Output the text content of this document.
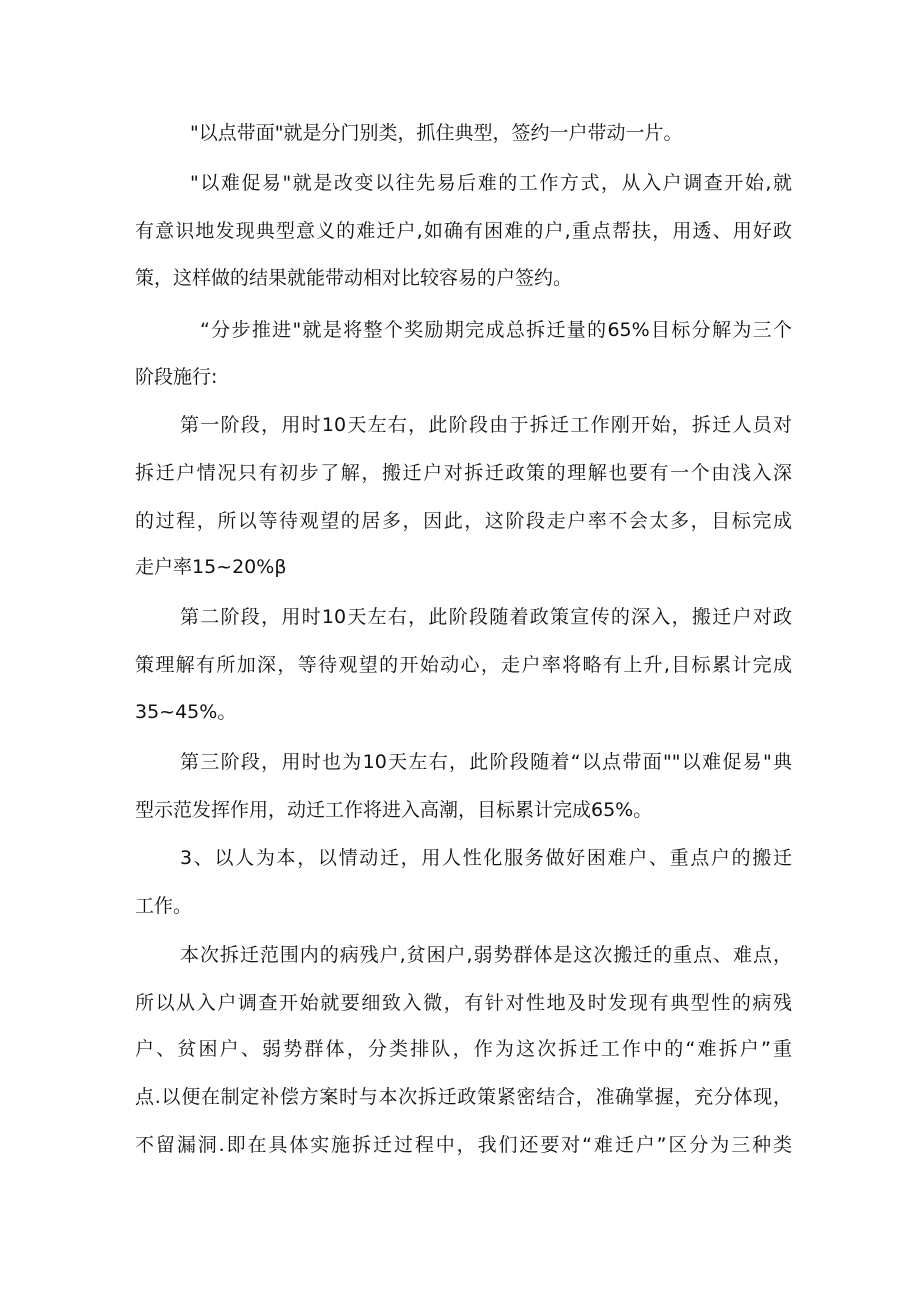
"以点带面"就是分门别类，抓住典型，签约一户带动一片。
"以难促易"就是改变以往先易后难的工作方式，从入户调查开始,就
有意识地发现典型意义的难迁户,如确有困难的户,重点帮扶，用透、用好政
策，这样做的结果就能带动相对比较容易的户签约。
“分步推进"就是将整个奖励期完成总拆迁量的65%目标分解为三个
阶段施行:
第一阶段，用时10天左右，此阶段由于拆迁工作刚开始，拆迁人员对
拆迁户情况只有初步了解，搬迁户对拆迁政策的理解也要有一个由浅入深
的过程，所以等待观望的居多，因此，这阶段走户率不会太多，目标完成
走户率15~20%β
第二阶段，用时10天左右，此阶段随着政策宣传的深入，搬迁户对政
策理解有所加深，等待观望的开始动心，走户率将略有上升,目标累计完成
35~45%。
第三阶段，用时也为10天左右，此阶段随着“以点带面""以难促易"典
型示范发挥作用，动迁工作将进入高潮，目标累计完成65%。
3、以人为本，以情动迁，用人性化服务做好困难户、重点户的搬迁
工作。
本次拆迁范围内的病残户,贫困户,弱势群体是这次搬迁的重点、难点，
所以从入户调查开始就要细致入微，有针对性地及时发现有典型性的病残
户、贫困户、弱势群体，分类排队，作为这次拆迁工作中的“难拆户”重
点.以便在制定补偿方案时与本次拆迁政策紧密结合，准确掌握，充分体现，
不留漏洞.即在具体实施拆迁过程中，我们还要对“难迁户”区分为三种类
